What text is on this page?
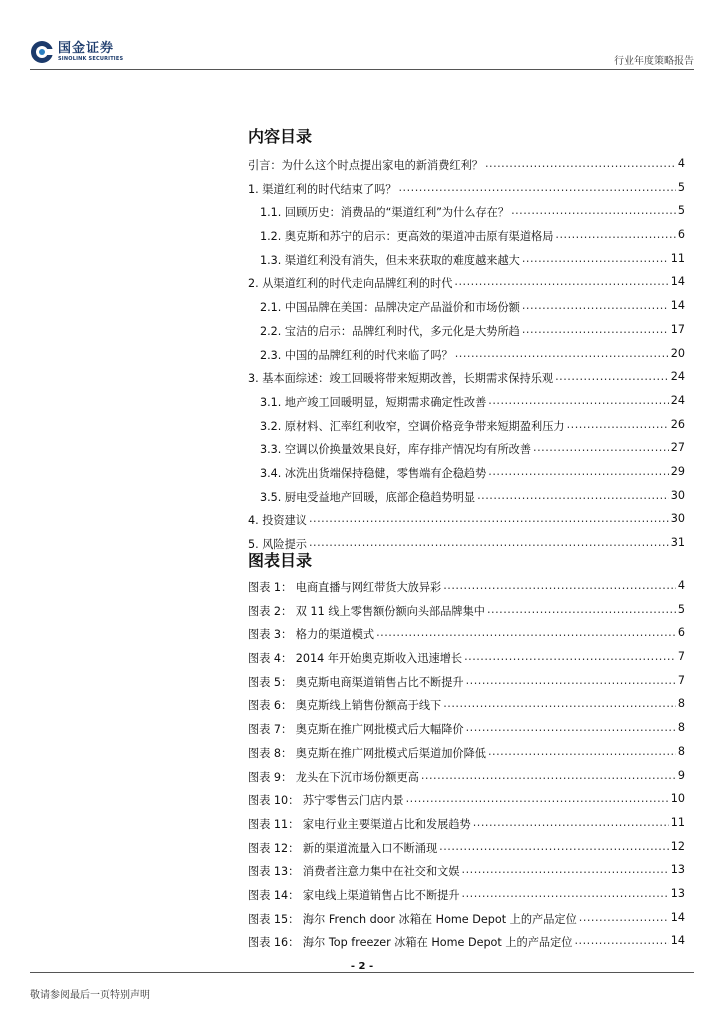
国金证券
SINOLINK SECURITIES	行业年度策略报告
内容目录
引言：为什么这个时点提出家电的新消费红利？ .....	4
1. 渠道红利的时代结束了吗？ .....	5
1.1. 回顾历史：消费品的“渠道红利”为什么存在？ .....	5
1.2. 奥克斯和苏宁的启示：更高效的渠道冲击原有渠道格局 .....	6
1.3. 渠道红利没有消失，但未来获取的难度越来越大 .....	11
2. 从渠道红利的时代走向品牌红利的时代 .....	14
2.1. 中国品牌在美国：品牌决定产品溢价和市场份额 .....	14
2.2. 宝洁的启示：品牌红利时代，多元化是大势所趋 .....	17
2.3. 中国的品牌红利的时代来临了吗？ .....	20
3. 基本面综述：竣工回暖将带来短期改善，长期需求保持乐观 .....	24
3.1. 地产竣工回暖明显，短期需求确定性改善 .....	24
3.2. 原材料、汇率红利收窄，空调价格竞争带来短期盈利压力 .....	26
3.3. 空调以价换量效果良好，库存排产情况均有所改善 .....	27
3.4. 冰洗出货端保持稳健，零售端有企稳趋势 .....	29
3.5. 厨电受益地产回暖，底部企稳趋势明显 .....	30
4. 投资建议 .....	30
5. 风险提示 .....	31
图表目录
图表 1： 电商直播与网红带货大放异彩 .....	4
图表 2： 双 11 线上零售额份额向头部品牌集中 .....	5
图表 3： 格力的渠道模式 .....	6
图表 4： 2014 年开始奥克斯收入迅速增长 .....	7
图表 5： 奥克斯电商渠道销售占比不断提升 .....	7
图表 6： 奥克斯线上销售份额高于线下 .....	8
图表 7： 奥克斯在推广网批模式后大幅降价 .....	8
图表 8： 奥克斯在推广网批模式后渠道加价降低 .....	8
图表 9： 龙头在下沉市场份额更高 .....	9
图表 10： 苏宁零售云门店内景 .....	10
图表 11： 家电行业主要渠道占比和发展趋势 .....	11
图表 12： 新的渠道流量入口不断涌现 .....	12
图表 13： 消费者注意力集中在社交和文娱 .....	13
图表 14： 家电线上渠道销售占比不断提升 .....	13
图表 15： 海尔 French door 冰箱在 Home Depot 上的产品定位 .....	14
图表 16： 海尔 Top freezer 冰箱在 Home Depot 上的产品定位 .....	14
- 2 -
敬请参阅最后一页特别声明
